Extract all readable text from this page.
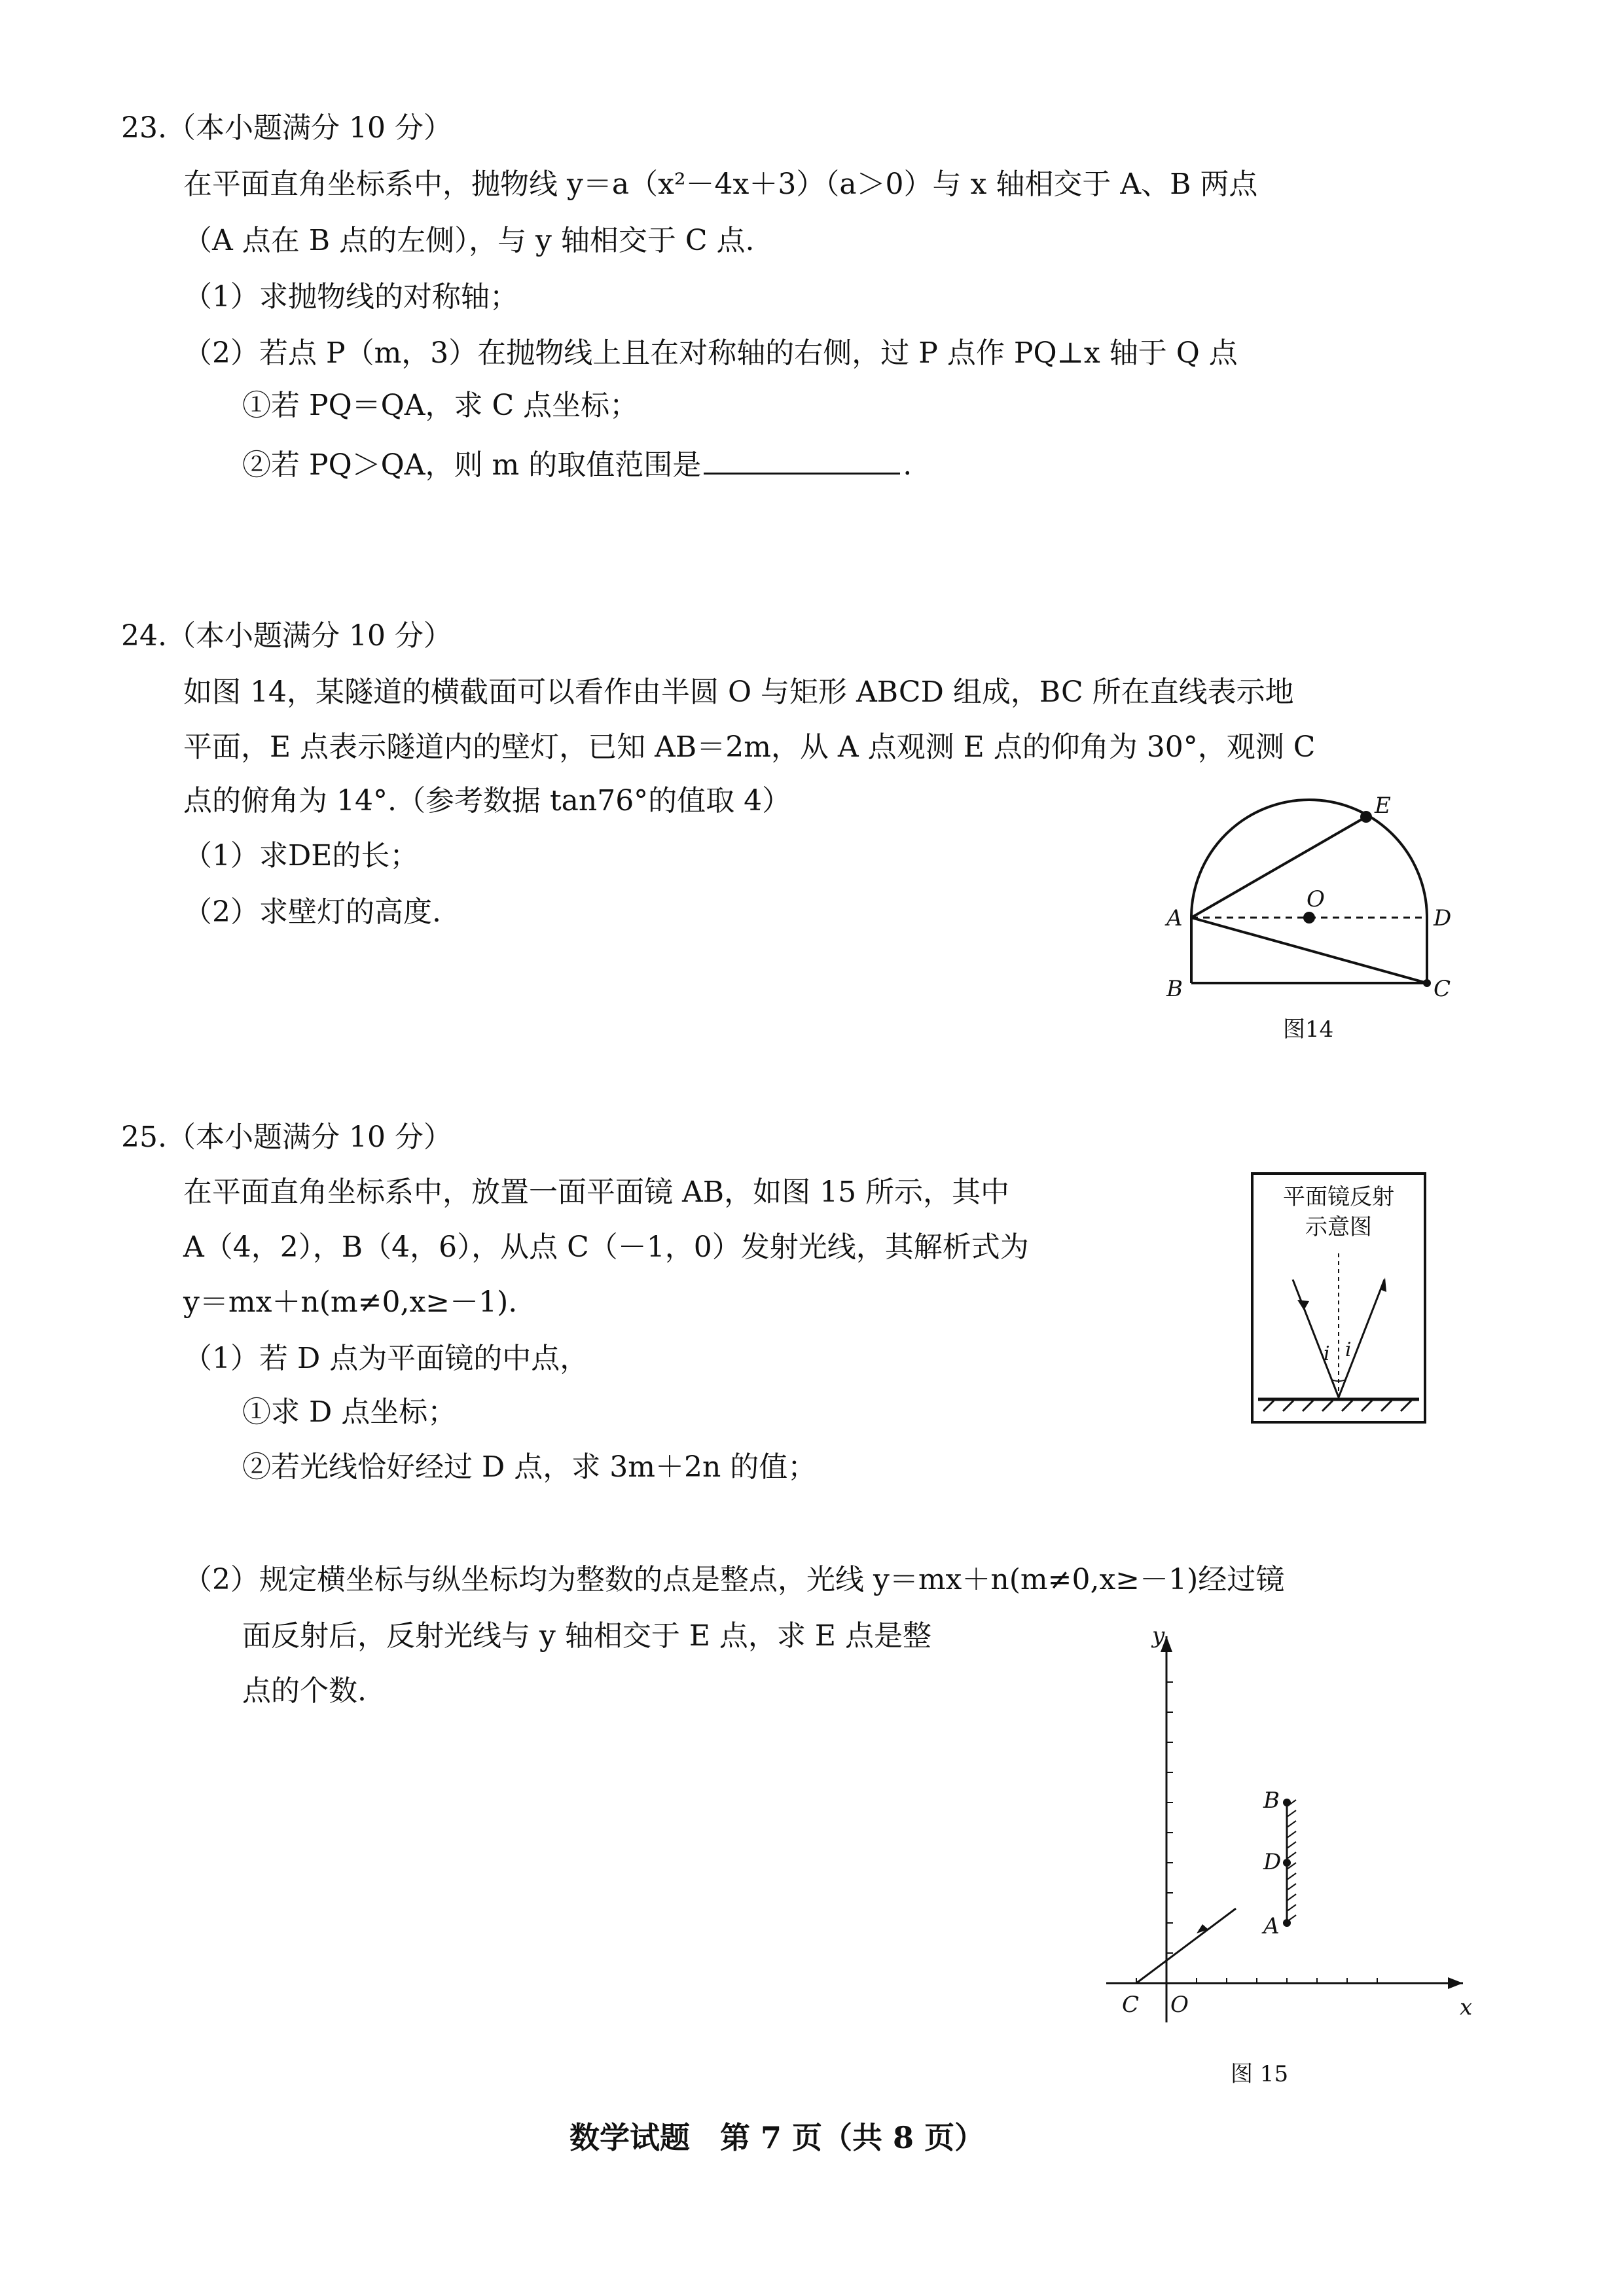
23.（本小题满分 10 分）

在平面直角坐标系中，抛物线 y＝a（x²－4x＋3）（a＞0）与 x 轴相交于 A、B 两点

（A 点在 B 点的左侧），与 y 轴相交于 C 点.

（1）求抛物线的对称轴；

（2）若点 P（m，3）在抛物线上且在对称轴的右侧，过 P 点作 PQ⊥x 轴于 Q 点

①若 PQ＝QA，求 C 点坐标；

②若 PQ＞QA，则 m 的取值范围是	.

24.（本小题满分 10 分）

如图 14，某隧道的横截面可以看作由半圆 O 与矩形 ABCD 组成，BC 所在直线表示地

平面，E 点表示隧道内的壁灯，已知 AB＝2m，从 A 点观测 E 点的仰角为 30°，观测 C

点的俯角为 14°.（参考数据 tan76°的值取 4）

（1）求DE的长；

（2）求壁灯的高度.	O
E
A	D
B	C
图14

25.（本小题满分 10 分）

在平面直角坐标系中，放置一面平面镜 AB，如图 15 所示，其中

A（4，2），B（4，6），从点 C（－1，0）发射光线，其解析式为

y＝mx＋n(m≠0,x≥－1).

（1）若 D 点为平面镜的中点，

①求 D 点坐标；

②若光线恰好经过 D 点，求 3m＋2n 的值；

（2）规定横坐标与纵坐标均为整数的点是整点，光线 y＝mx＋n(m≠0,x≥－1)经过镜

面反射后，反射光线与 y 轴相交于 E 点，求 E 点是整

点的个数.

平面镜反射
示意图
i i
y
x
C O
B
D
A
图 15

数学试题　第 7 页（共 8 页）
